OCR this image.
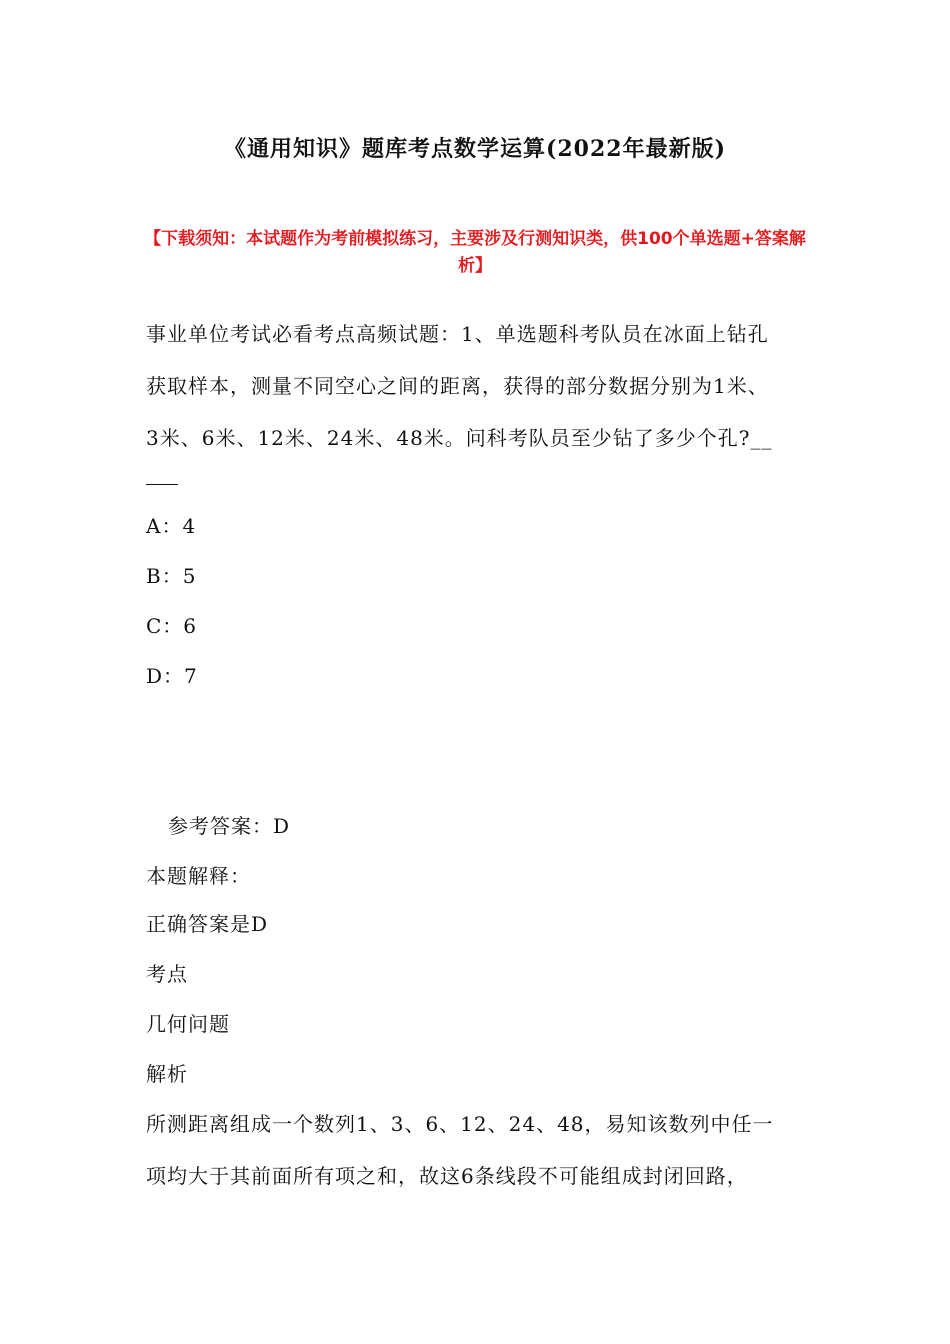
《通用知识》题库考点数学运算(2022年最新版)
【下载须知：本试题作为考前模拟练习，主要涉及行测知识类，供100个单选题+答案解析】
事业单位考试必看考点高频试题：1、单选题科考队员在冰面上钻孔
获取样本，测量不同空心之间的距离，获得的部分数据分别为1米、
3米、6米、12米、24米、48米。问科考队员至少钻了多少个孔?__
A：4
B：5
C：6
D：7
参考答案：D
本题解释：
正确答案是D
考点
几何问题
解析
所测距离组成一个数列1、3、6、12、24、48，易知该数列中任一
项均大于其前面所有项之和，故这6条线段不可能组成封闭回路，
